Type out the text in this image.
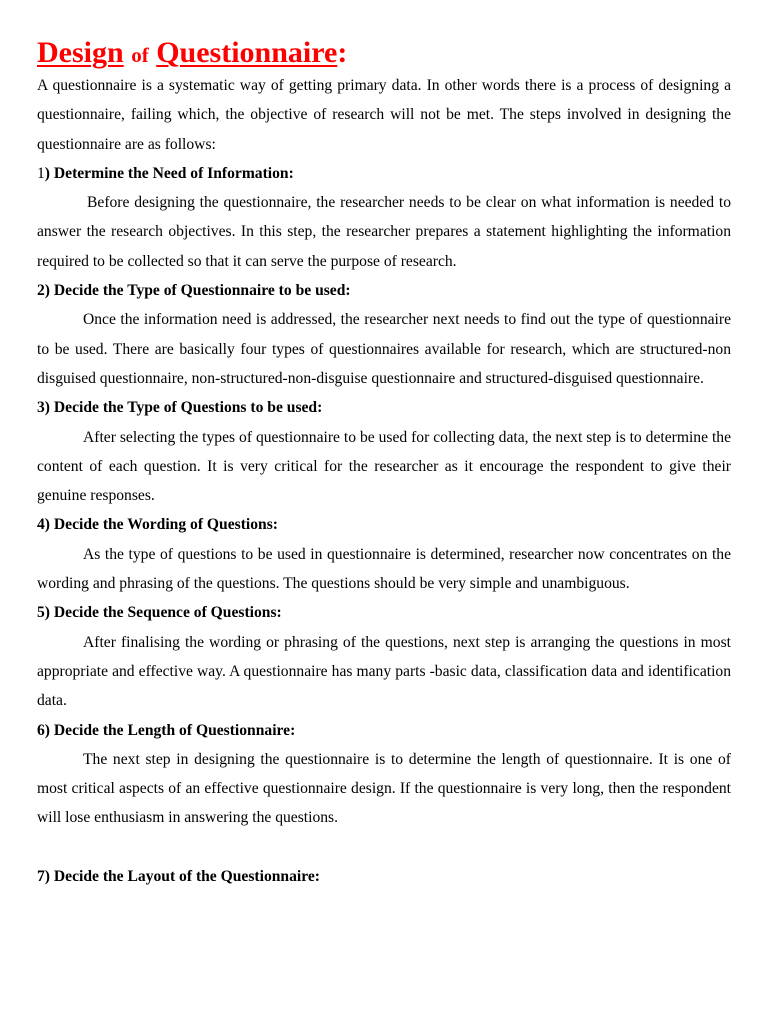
Design of Questionnaire:

A questionnaire is a systematic way of getting primary data. In other words there is a process of designing a questionnaire, failing which, the objective of research will not be met. The steps involved in designing the questionnaire are as follows:

1) Determine the Need of Information:

Before designing the questionnaire, the researcher needs to be clear on what information is needed to answer the research objectives. In this step, the researcher prepares a statement highlighting the information required to be collected so that it can serve the purpose of research.

2) Decide the Type of Questionnaire to be used:

Once the information need is addressed, the researcher next needs to find out the type of questionnaire to be used. There are basically four types of questionnaires available for research, which are structured-non disguised questionnaire, non-structured-non-disguise questionnaire and structured-disguised questionnaire.

3) Decide the Type of Questions to be used:

After selecting the types of questionnaire to be used for collecting data, the next step is to determine the content of each question. It is very critical for the researcher as it encourage the respondent to give their genuine responses.

4) Decide the Wording of Questions:

As the type of questions to be used in questionnaire is determined, researcher now concentrates on the wording and phrasing of the questions. The questions should be very simple and unambiguous.

5) Decide the Sequence of Questions:

After finalising the wording or phrasing of the questions, next step is arranging the questions in most appropriate and effective way. A questionnaire has many parts -basic data, classification data and identification data.

6) Decide the Length of Questionnaire:

The next step in designing the questionnaire is to determine the length of questionnaire. It is one of most critical aspects of an effective questionnaire design. If the questionnaire is very long, then the respondent will lose enthusiasm in answering the questions.

7) Decide the Layout of the Questionnaire:
